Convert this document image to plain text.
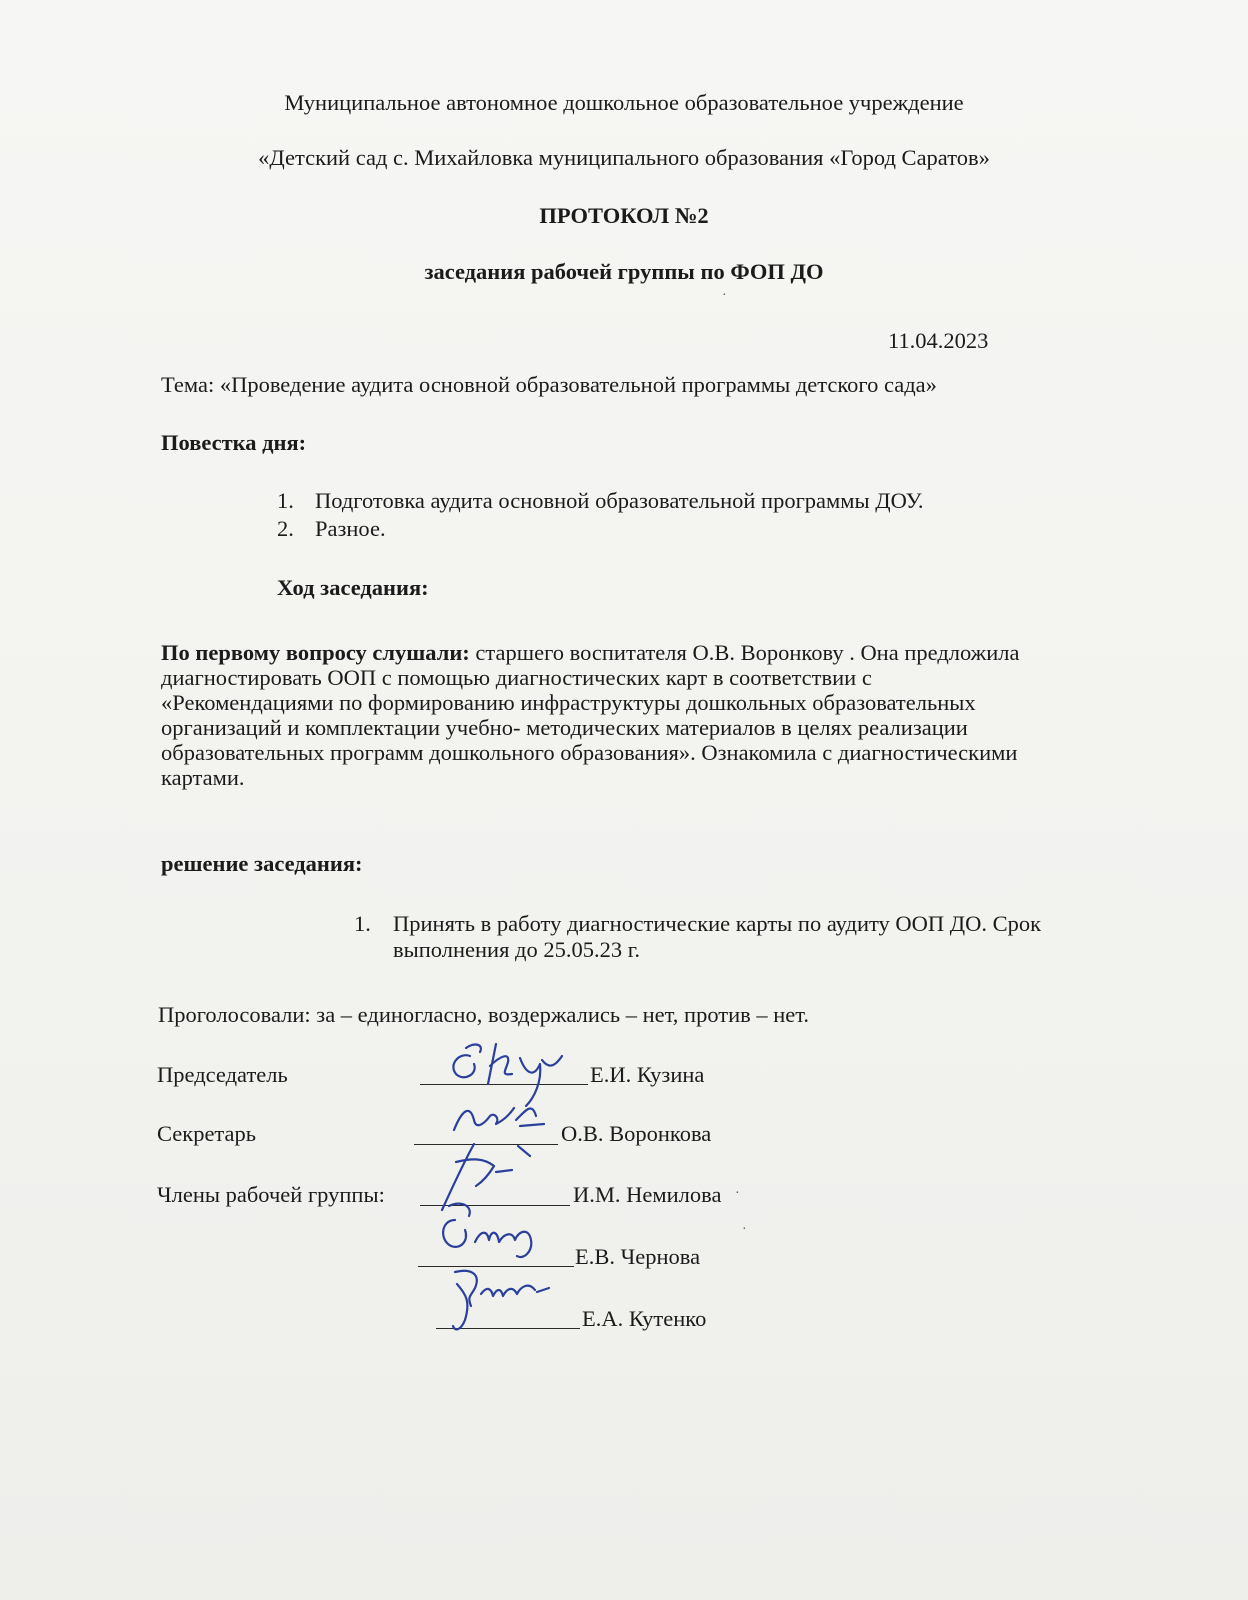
Муниципальное автономное дошкольное образовательное учреждение
«Детский сад с. Михайловка муниципального образования «Город Саратов»
ПРОТОКОЛ №2
заседания рабочей группы по ФОП ДО
11.04.2023
Тема: «Проведение аудита основной образовательной программы детского сада»
Повестка дня:
1. Подготовка аудита основной образовательной программы ДОУ.
2. Разное.
Ход заседания:
По первому вопросу слушали: старшего воспитателя О.В. Воронкову . Она предложила
диагностировать ООП с помощью диагностических карт в соответствии с
«Рекомендациями по формированию инфраструктуры дошкольных образовательных
организаций и комплектации учебно- методических материалов в целях реализации
образовательных программ дошкольного образования». Ознакомила с диагностическими
картами.
решение заседания:
1. Принять в работу диагностические карты по аудиту ООП ДО. Срок
выполнения до 25.05.23 г.
Проголосовали: за – единогласно, воздержались – нет, против – нет.
Председатель	Е.И. Кузина
Секретарь	О.В. Воронкова
Члены рабочей группы:	И.М. Немилова
Е.В. Чернова
Е.А. Кутенко
·
·
·
